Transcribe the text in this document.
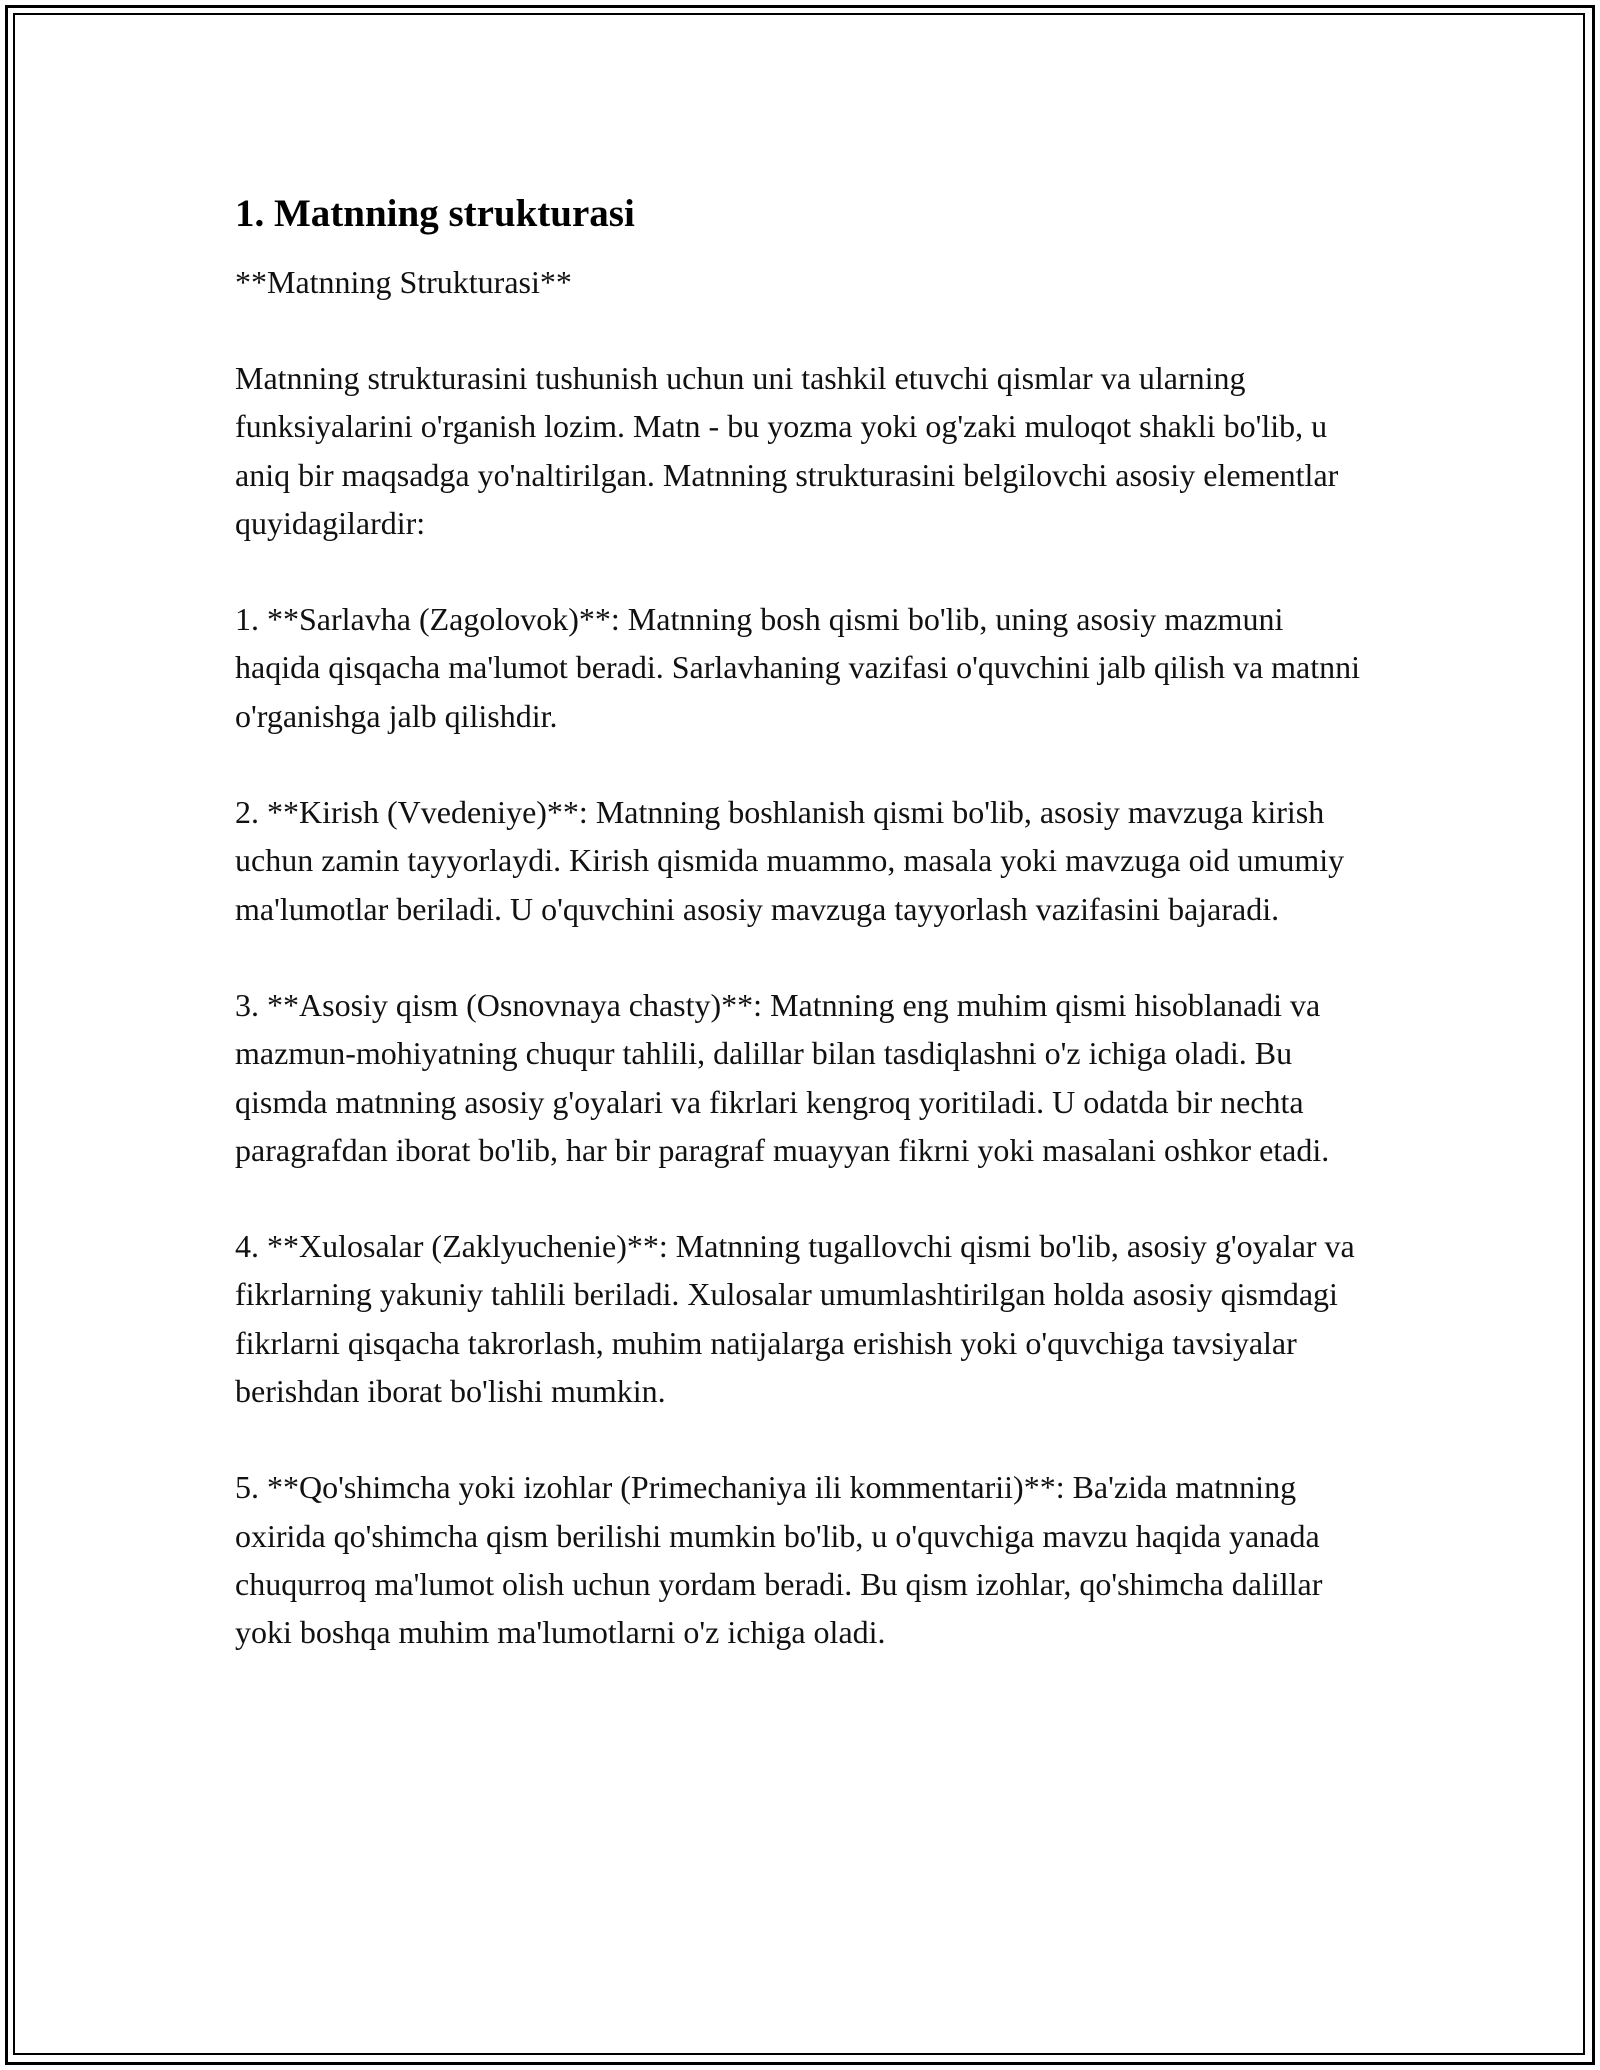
1. Matnning strukturasi
**Matnning Strukturasi**

Matnning strukturasini tushunish uchun uni tashkil etuvchi qismlar va ularning funksiyalarini o'rganish lozim. Matn - bu yozma yoki og'zaki muloqot shakli bo'lib, u aniq bir maqsadga yo'naltirilgan. Matnning strukturasini belgilovchi asosiy elementlar quyidagilardir:

1. **Sarlavha (Zagolovok)**: Matnning bosh qismi bo'lib, uning asosiy mazmuni haqida qisqacha ma'lumot beradi. Sarlavhaning vazifasi o'quvchini jalb qilish va matnni o'rganishga jalb qilishdir.

2. **Kirish (Vvedeniye)**: Matnning boshlanish qismi bo'lib, asosiy mavzuga kirish uchun zamin tayyorlaydi. Kirish qismida muammo, masala yoki mavzuga oid umumiy ma'lumotlar beriladi. U o'quvchini asosiy mavzuga tayyorlash vazifasini bajaradi.

3. **Asosiy qism (Osnovnaya chasty)**: Matnning eng muhim qismi hisoblanadi va mazmun-mohiyatning chuqur tahlili, dalillar bilan tasdiqlashni o'z ichiga oladi. Bu qismda matnning asosiy g'oyalari va fikrlari kengroq yoritiladi. U odatda bir nechta paragrafdan iborat bo'lib, har bir paragraf muayyan fikrni yoki masalani oshkor etadi.

4. **Xulosalar (Zaklyuchenie)**: Matnning tugallovchi qismi bo'lib, asosiy g'oyalar va fikrlarning yakuniy tahlili beriladi. Xulosalar umumlashtirilgan holda asosiy qismdagi fikrlarni qisqacha takrorlash, muhim natijalarga erishish yoki o'quvchiga tavsiyalar berishdan iborat bo'lishi mumkin.

5. **Qo'shimcha yoki izohlar (Primechaniya ili kommentarii)**: Ba'zida matnning oxirida qo'shimcha qism berilishi mumkin bo'lib, u o'quvchiga mavzu haqida yanada chuqurroq ma'lumot olish uchun yordam beradi. Bu qism izohlar, qo'shimcha dalillar yoki boshqa muhim ma'lumotlarni o'z ichiga oladi.
